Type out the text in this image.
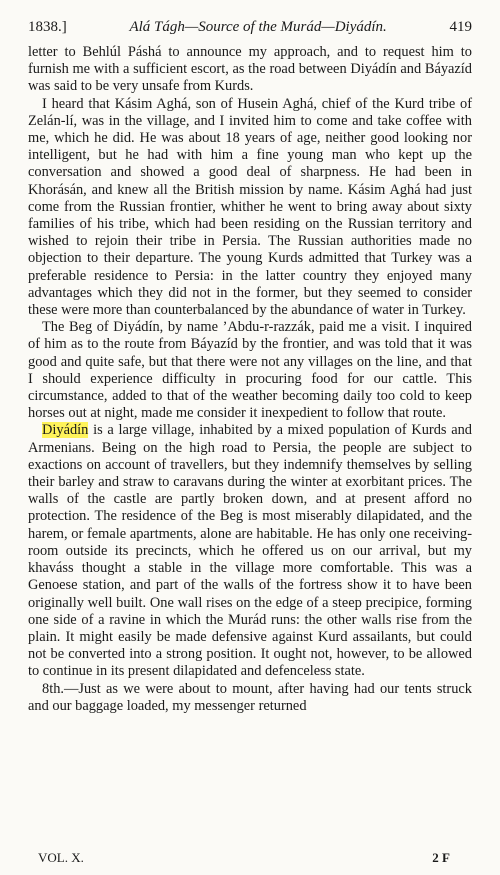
1838.]	Alá Tágh—Source of the Murád—Diyádín.	419

letter to Behlúl Páshá to announce my approach, and to request him to furnish me with a sufficient escort, as the road between Diyádín and Báyazíd was said to be very unsafe from Kurds.

I heard that Kásim Aghá, son of Husein Aghá, chief of the Kurd tribe of Zelán-lí, was in the village, and I invited him to come and take coffee with me, which he did. He was about 18 years of age, neither good looking nor intelligent, but he had with him a fine young man who kept up the conversation and showed a good deal of sharpness. He had been in Khorásán, and knew all the British mission by name. Kásim Aghá had just come from the Russian frontier, whither he went to bring away about sixty families of his tribe, which had been residing on the Russian territory and wished to rejoin their tribe in Persia. The Russian authorities made no objection to their departure. The young Kurds admitted that Turkey was a preferable residence to Persia: in the latter country they enjoyed many advantages which they did not in the former, but they seemed to consider these were more than counterbalanced by the abundance of water in Turkey.

The Beg of Diyádín, by name ’Abdu-r-razzák, paid me a visit. I inquired of him as to the route from Báyazíd by the frontier, and was told that it was good and quite safe, but that there were not any villages on the line, and that I should experience difficulty in procuring food for our cattle. This circumstance, added to that of the weather becoming daily too cold to keep horses out at night, made me consider it inexpedient to follow that route.

Diyádín is a large village, inhabited by a mixed population of Kurds and Armenians. Being on the high road to Persia, the people are subject to exactions on account of travellers, but they indemnify themselves by selling their barley and straw to caravans during the winter at exorbitant prices. The walls of the castle are partly broken down, and at present afford no protection. The residence of the Beg is most miserably dilapidated, and the harem, or female apartments, alone are habitable. He has only one receiving-room outside its precincts, which he offered us on our arrival, but my khaváss thought a stable in the village more comfortable. This was a Genoese station, and part of the walls of the fortress show it to have been originally well built. One wall rises on the edge of a steep precipice, forming one side of a ravine in which the Murád runs: the other walls rise from the plain. It might easily be made defensive against Kurd assailants, but could not be converted into a strong position. It ought not, however, to be allowed to continue in its present dilapidated and defenceless state.

8th.—Just as we were about to mount, after having had our tents struck and our baggage loaded, my messenger returned

VOL. X.	2 F
